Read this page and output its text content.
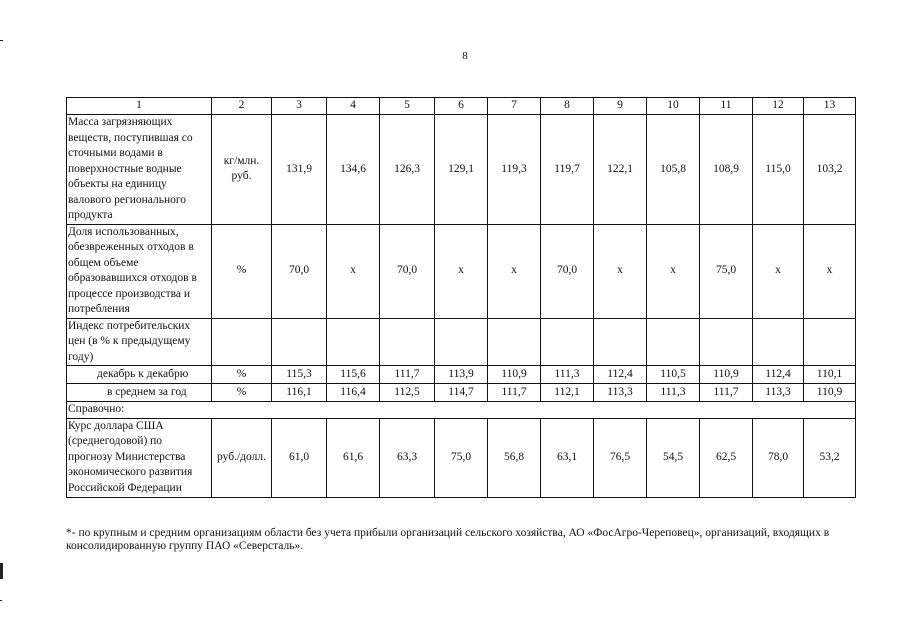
8
1	2	3	4	5	6	7	8	9	10	11	12	13
Масса загрязняющих веществ, поступившая со сточными водами в поверхностные водные объекты на единицу валового регионального продукта	кг/млн. руб.	131,9	134,6	126,3	129,1	119,3	119,7	122,1	105,8	108,9	115,0	103,2
Доля использованных, обезвреженных отходов в общем объеме образовавшихся отходов в процессе производства и потребления	%	70,0	х	70,0	х	х	70,0	х	х	75,0	х	х
Индекс потребительских цен (в % к предыдущему году)												
декабрь к декабрю	%	115,3	115,6	111,7	113,9	110,9	111,3	112,4	110,5	110,9	112,4	110,1
в среднем за год	%	116,1	116,4	112,5	114,7	111,7	112,1	113,3	111,3	111,7	113,3	110,9
Справочно:												
Курс доллара США (среднегодовой) по прогнозу Министерства экономического развития Российской Федерации	руб./долл.	61,0	61,6	63,3	75,0	56,8	63,1	76,5	54,5	62,5	78,0	53,2
*- по крупным и средним организациям области без учета прибыли организаций сельского хозяйства, АО «ФосАгро-Череповец», организаций, входящих в консолидированную группу ПАО «Северсталь».
